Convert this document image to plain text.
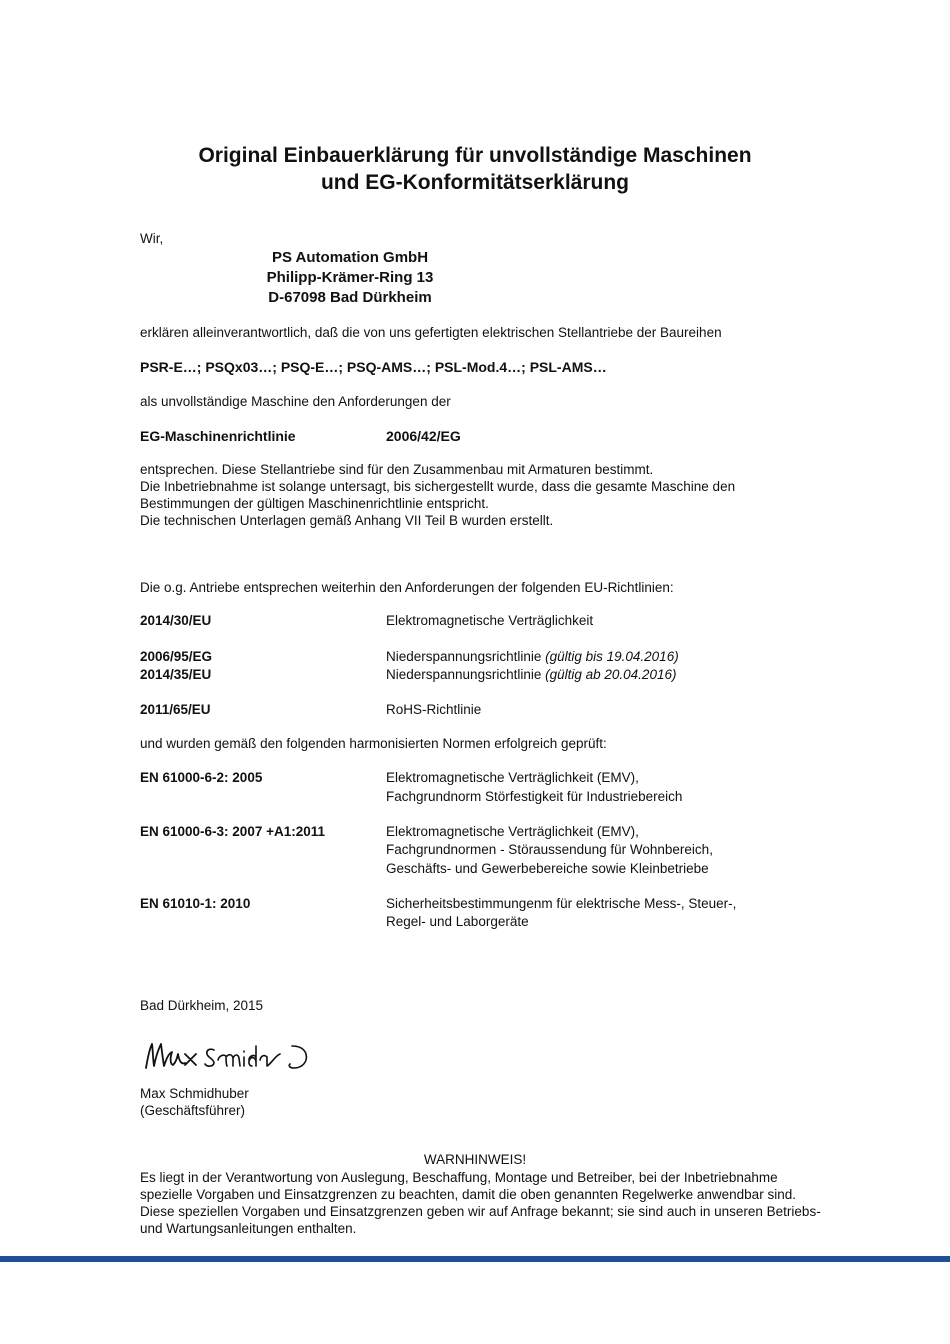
Original Einbauerklärung für unvollständige Maschinen
und EG-Konformitätserklärung
Wir,
PS Automation GmbH
Philipp-Krämer-Ring 13
D-67098 Bad Dürkheim
erklären alleinverantwortlich, daß die von uns gefertigten elektrischen Stellantriebe der Baureihen
PSR-E…; PSQx03…; PSQ-E…; PSQ-AMS…; PSL-Mod.4…; PSL-AMS…
als unvollständige Maschine den Anforderungen der
EG-Maschinenrichtlinie	2006/42/EG
entsprechen. Diese Stellantriebe sind für den Zusammenbau mit Armaturen bestimmt.
Die Inbetriebnahme ist solange untersagt, bis sichergestellt wurde, dass die gesamte Maschine den
Bestimmungen der gültigen Maschinenrichtlinie entspricht.
Die technischen Unterlagen gemäß Anhang VII Teil B wurden erstellt.
Die o.g. Antriebe entsprechen weiterhin den Anforderungen der folgenden EU-Richtlinien:
2014/30/EU	Elektromagnetische Verträglichkeit
2006/95/EG	Niederspannungsrichtlinie (gültig bis 19.04.2016)
2014/35/EU	Niederspannungsrichtlinie (gültig ab 20.04.2016)
2011/65/EU	RoHS-Richtlinie
und wurden gemäß den folgenden harmonisierten Normen erfolgreich geprüft:
EN 61000-6-2: 2005	Elektromagnetische Verträglichkeit (EMV),
Fachgrundnorm Störfestigkeit für Industriebereich
EN 61000-6-3: 2007 +A1:2011	Elektromagnetische Verträglichkeit (EMV),
Fachgrundnormen - Störaussendung für Wohnbereich,
Geschäfts- und Gewerbebereiche sowie Kleinbetriebe
EN 61010-1: 2010	Sicherheitsbestimmungenm für elektrische Mess-, Steuer-,
Regel- und Laborgeräte
Bad Dürkheim, 2015
Max Schmidhuber
(Geschäftsführer)
WARNHINWEIS!
Es liegt in der Verantwortung von Auslegung, Beschaffung, Montage und Betreiber, bei der Inbetriebnahme spezielle Vorgaben und Einsatzgrenzen zu beachten, damit die oben genannten Regelwerke anwendbar sind. Diese speziellen Vorgaben und Einsatzgrenzen geben wir auf Anfrage bekannt; sie sind auch in unseren Betriebs- und Wartungsanleitungen enthalten.
